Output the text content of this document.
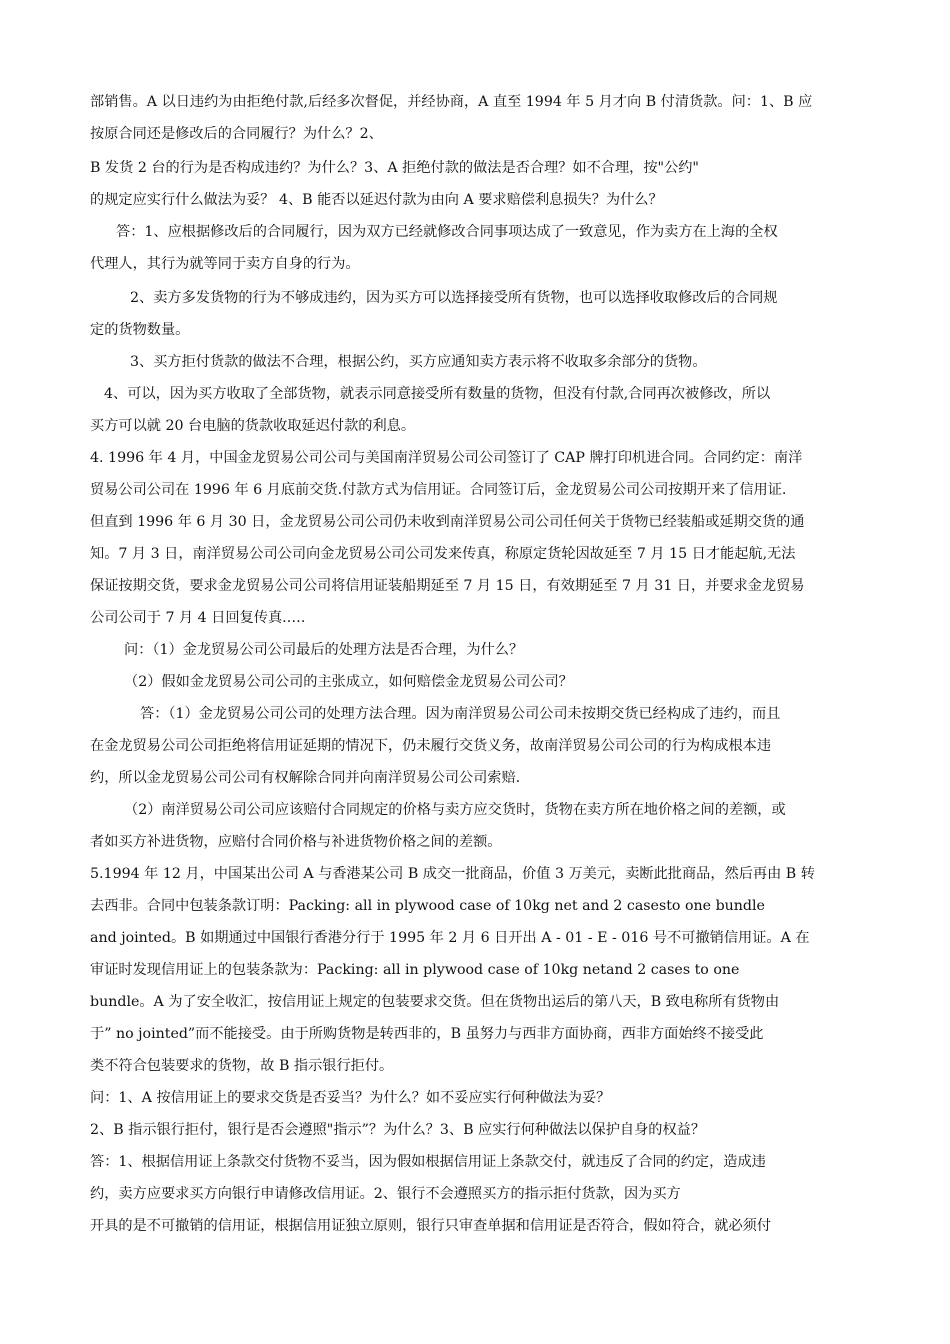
部销售。A 以日违约为由拒绝付款,后经多次督促，并经协商，A 直至 1994 年 5 月才向 B 付清货款。问：1、B 应
按原合同还是修改后的合同履行？为什么？2、
B 发货 2 台的行为是否构成违约？为什么？3、A 拒绝付款的做法是否合理？如不合理，按"公约"
的规定应实行什么做法为妥？ 4、B 能否以延迟付款为由向 A 要求赔偿利息损失？为什么？
答：1、应根据修改后的合同履行，因为双方已经就修改合同事项达成了一致意见，作为卖方在上海的全权
代理人，其行为就等同于卖方自身的行为。
2、卖方多发货物的行为不够成违约，因为买方可以选择接受所有货物，也可以选择收取修改后的合同规
定的货物数量。
3、买方拒付货款的做法不合理，根据公约，买方应通知卖方表示将不收取多余部分的货物。
4、可以，因为买方收取了全部货物，就表示同意接受所有数量的货物，但没有付款,合同再次被修改，所以
买方可以就 20 台电脑的货款收取延迟付款的利息。
4. 1996 年 4 月，中国金龙贸易公司公司与美国南洋贸易公司公司签订了 CAP 牌打印机进合同。合同约定：南洋
贸易公司公司在 1996 年 6 月底前交货.付款方式为信用证。合同签订后，金龙贸易公司公司按期开来了信用证.
但直到 1996 年 6 月 30 日，金龙贸易公司公司仍未收到南洋贸易公司公司任何关于货物已经装船或延期交货的通
知。7 月 3 日，南洋贸易公司公司向金龙贸易公司公司发来传真，称原定货轮因故延至 7 月 15 日才能起航,无法
保证按期交货，要求金龙贸易公司公司将信用证装船期延至 7 月 15 日，有效期延至 7 月 31 日，并要求金龙贸易
公司公司于 7 月 4 日回复传真.….
问：（1）金龙贸易公司公司最后的处理方法是否合理，为什么？
（2）假如金龙贸易公司公司的主张成立，如何赔偿金龙贸易公司公司？
答：（1）金龙贸易公司公司的处理方法合理。因为南洋贸易公司公司未按期交货已经构成了违约，而且
在金龙贸易公司公司拒绝将信用证延期的情况下，仍未履行交货义务，故南洋贸易公司公司的行为构成根本违
约，所以金龙贸易公司公司有权解除合同并向南洋贸易公司公司索赔.
（2）南洋贸易公司公司应该赔付合同规定的价格与卖方应交货时，货物在卖方所在地价格之间的差额，或
者如买方补进货物，应赔付合同价格与补进货物价格之间的差额。
5.1994 年 12 月，中国某出公司 A 与香港某公司 B 成交一批商品，价值 3 万美元，卖断此批商品，然后再由 B 转
去西非。合同中包装条款订明：Packing: all in plywood case of 10kg net and 2 casesto one bundle
and jointed。B 如期通过中国银行香港分行于 1995 年 2 月 6 日开出 A - 01 - E - 016 号不可撤销信用证。A 在
审证时发现信用证上的包装条款为：Packing: all in plywood case of 10kg netand 2 cases to one
bundle。A 为了安全收汇，按信用证上规定的包装要求交货。但在货物出运后的第八天，B 致电称所有货物由
于” no jointed”而不能接受。由于所购货物是转西非的，B 虽努力与西非方面协商，西非方面始终不接受此
类不符合包装要求的货物，故 B 指示银行拒付。
问：1、A 按信用证上的要求交货是否妥当？为什么？如不妥应实行何种做法为妥？
2、B 指示银行拒付，银行是否会遵照"指示”？为什么？3、B 应实行何种做法以保护自身的权益？
答：1、根据信用证上条款交付货物不妥当，因为假如根据信用证上条款交付，就违反了合同的约定，造成违
约，卖方应要求买方向银行申请修改信用证。2、银行不会遵照买方的指示拒付货款，因为买方
开具的是不可撤销的信用证，根据信用证独立原则，银行只审查单据和信用证是否符合，假如符合，就必须付
